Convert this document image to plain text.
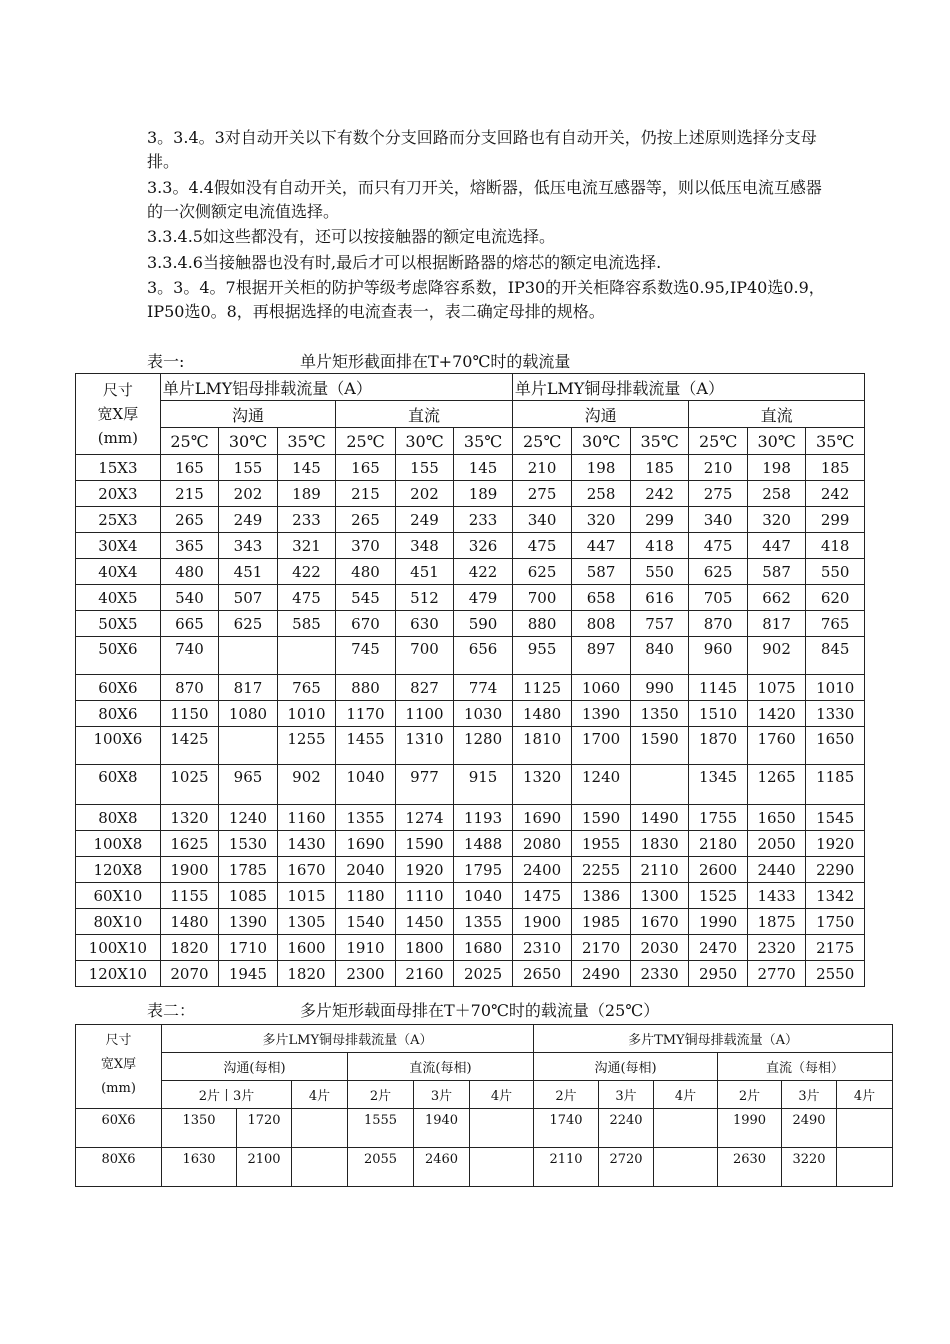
3。3.4。3对自动开关以下有数个分支回路而分支回路也有自动开关，仍按上述原则选择分支母排。
3.3。4.4假如没有自动开关，而只有刀开关，熔断器，低压电流互感器等，则以低压电流互感器的一次侧额定电流值选择。
3.3.4.5如这些都没有，还可以按接触器的额定电流选择。
3.3.4.6当接触器也没有时,最后才可以根据断路器的熔芯的额定电流选择.
3。3。4。7根据开关柜的防护等级考虑降容系数，IP30的开关柜降容系数选0.95,IP40选0.9，IP50选0。8，再根据选择的电流查表一，表二确定母排的规格。
表一:	单片矩形截面排在T+70℃时的载流量
尺寸
宽X厚
(mm)	单片LMY铝母排载流量（A）						单片LMY铜母排载流量（A）					
	沟通			直流			沟通			直流		
	25℃	30℃	35℃	25℃	30℃	35℃	25℃	30℃	35℃	25℃	30℃	35℃
15X3	165	155	145	165	155	145	210	198	185	210	198	185
20X3	215	202	189	215	202	189	275	258	242	275	258	242
25X3	265	249	233	265	249	233	340	320	299	340	320	299
30X4	365	343	321	370	348	326	475	447	418	475	447	418
40X4	480	451	422	480	451	422	625	587	550	625	587	550
40X5	540	507	475	545	512	479	700	658	616	705	662	620
50X5	665	625	585	670	630	590	880	808	757	870	817	765
50X6	740			745	700	656	955	897	840	960	902	845
60X6	870	817	765	880	827	774	1125	1060	990	1145	1075	1010
80X6	1150	1080	1010	1170	1100	1030	1480	1390	1350	1510	1420	1330
100X6	1425		1255	1455	1310	1280	1810	1700	1590	1870	1760	1650
60X8	1025	965	902	1040	977	915	1320	1240		1345	1265	1185
80X8	1320	1240	1160	1355	1274	1193	1690	1590	1490	1755	1650	1545
100X8	1625	1530	1430	1690	1590	1488	2080	1955	1830	2180	2050	1920
120X8	1900	1785	1670	2040	1920	1795	2400	2255	2110	2600	2440	2290
60X10	1155	1085	1015	1180	1110	1040	1475	1386	1300	1525	1433	1342
80X10	1480	1390	1305	1540	1450	1355	1900	1985	1670	1990	1875	1750
100X10	1820	1710	1600	1910	1800	1680	2310	2170	2030	2470	2320	2175
120X10	2070	1945	1820	2300	2160	2025	2650	2490	2330	2950	2770	2550
表二：	多片矩形载面母排在T＋70℃时的载流量（25℃）
尺寸
宽X厚
(mm)	多片LMY铜母排载流量（A）						多片TMY铜母排载流量（A）					
	沟通(每相)			直流(每相)			沟通(每相)			直流（每相）		
	2片丨3片		4片	2片	3片	4片	2片	3片	4片	2片	3片	4片
60X6	1350	1720		1555	1940		1740	2240		1990	2490	
80X6	1630	2100		2055	2460		2110	2720		2630	3220	
